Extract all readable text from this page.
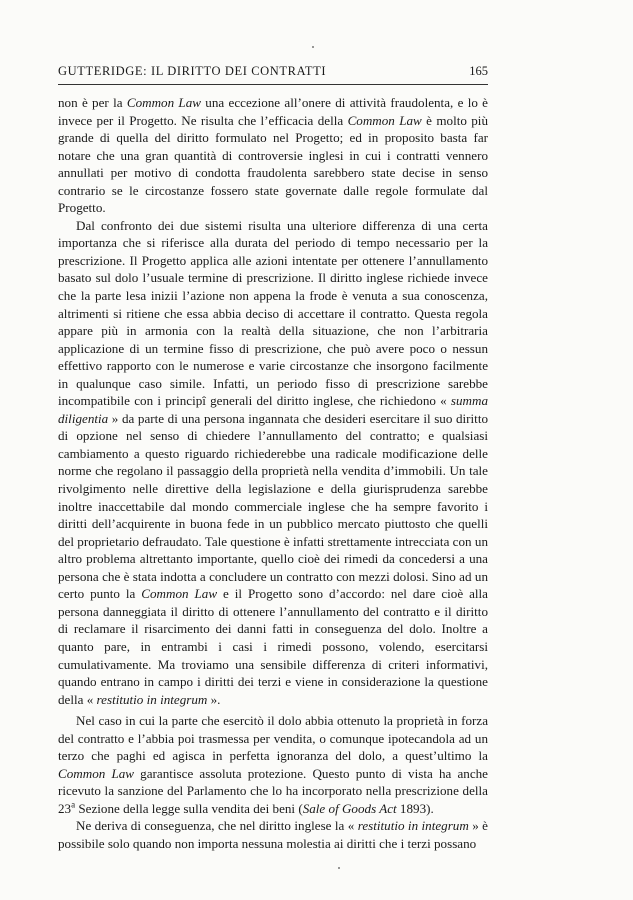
GUTTERIDGE: IL DIRITTO DEI CONTRATTI	165

non è per la Common Law una eccezione all’onere di attività fraudolenta, e lo è invece per il Progetto. Ne risulta che l’efficacia della Common Law è molto più grande di quella del diritto formulato nel Progetto; ed in proposito basta far notare che una gran quantità di controversie inglesi in cui i contratti vennero annullati per motivo di condotta fraudolenta sarebbero state decise in senso contrario se le circostanze fossero state governate dalle regole formulate dal Progetto.

Dal confronto dei due sistemi risulta una ulteriore differenza di una certa importanza che si riferisce alla durata del periodo di tempo necessario per la prescrizione. Il Progetto applica alle azioni intentate per ottenere l’annullamento basato sul dolo l’usuale termine di prescrizione. Il diritto inglese richiede invece che la parte lesa inizii l’azione non appena la frode è venuta a sua conoscenza, altrimenti si ritiene che essa abbia deciso di accettare il contratto. Questa regola appare più in armonia con la realtà della situazione, che non l’arbitraria applicazione di un termine fisso di prescrizione, che può avere poco o nessun effettivo rapporto con le numerose e varie circostanze che insorgono facilmente in qualunque caso simile. Infatti, un periodo fisso di prescrizione sarebbe incompatibile con i principî generali del diritto inglese, che richiedono « summa diligentia » da parte di una persona ingannata che desideri esercitare il suo diritto di opzione nel senso di chiedere l’annullamento del contratto; e qualsiasi cambiamento a questo riguardo richiederebbe una radicale modificazione delle norme che regolano il passaggio della proprietà nella vendita d’immobili. Un tale rivolgimento nelle direttive della legislazione e della giurisprudenza sarebbe inoltre inaccettabile dal mondo commerciale inglese che ha sempre favorito i diritti dell’acquirente in buona fede in un pubblico mercato piuttosto che quelli del proprietario defraudato. Tale questione è infatti strettamente intrecciata con un altro problema altrettanto importante, quello cioè dei rimedi da concedersi a una persona che è stata indotta a concludere un contratto con mezzi dolosi. Sino ad un certo punto la Common Law e il Progetto sono d’accordo: nel dare cioè alla persona danneggiata il diritto di ottenere l’annullamento del contratto e il diritto di reclamare il risarcimento dei danni fatti in conseguenza del dolo. Inoltre a quanto pare, in entrambi i casi i rimedi possono, volendo, esercitarsi cumulativamente. Ma troviamo una sensibile differenza di criteri informativi, quando entrano in campo i diritti dei terzi e viene in considerazione la questione della « restitutio in integrum ».

Nel caso in cui la parte che esercitò il dolo abbia ottenuto la proprietà in forza del contratto e l’abbia poi trasmessa per vendita, o comunque ipotecandola ad un terzo che paghi ed agisca in perfetta ignoranza del dolo, a quest’ultimo la Common Law garantisce assoluta protezione. Questo punto di vista ha anche ricevuto la sanzione del Parlamento che lo ha incorporato nella prescrizione della 23$^a$ Sezione della legge sulla vendita dei beni (Sale of Goods Act 1893).

Ne deriva di conseguenza, che nel diritto inglese la « restitutio in integrum » è possibile solo quando non importa nessuna molestia ai diritti che i terzi possano
